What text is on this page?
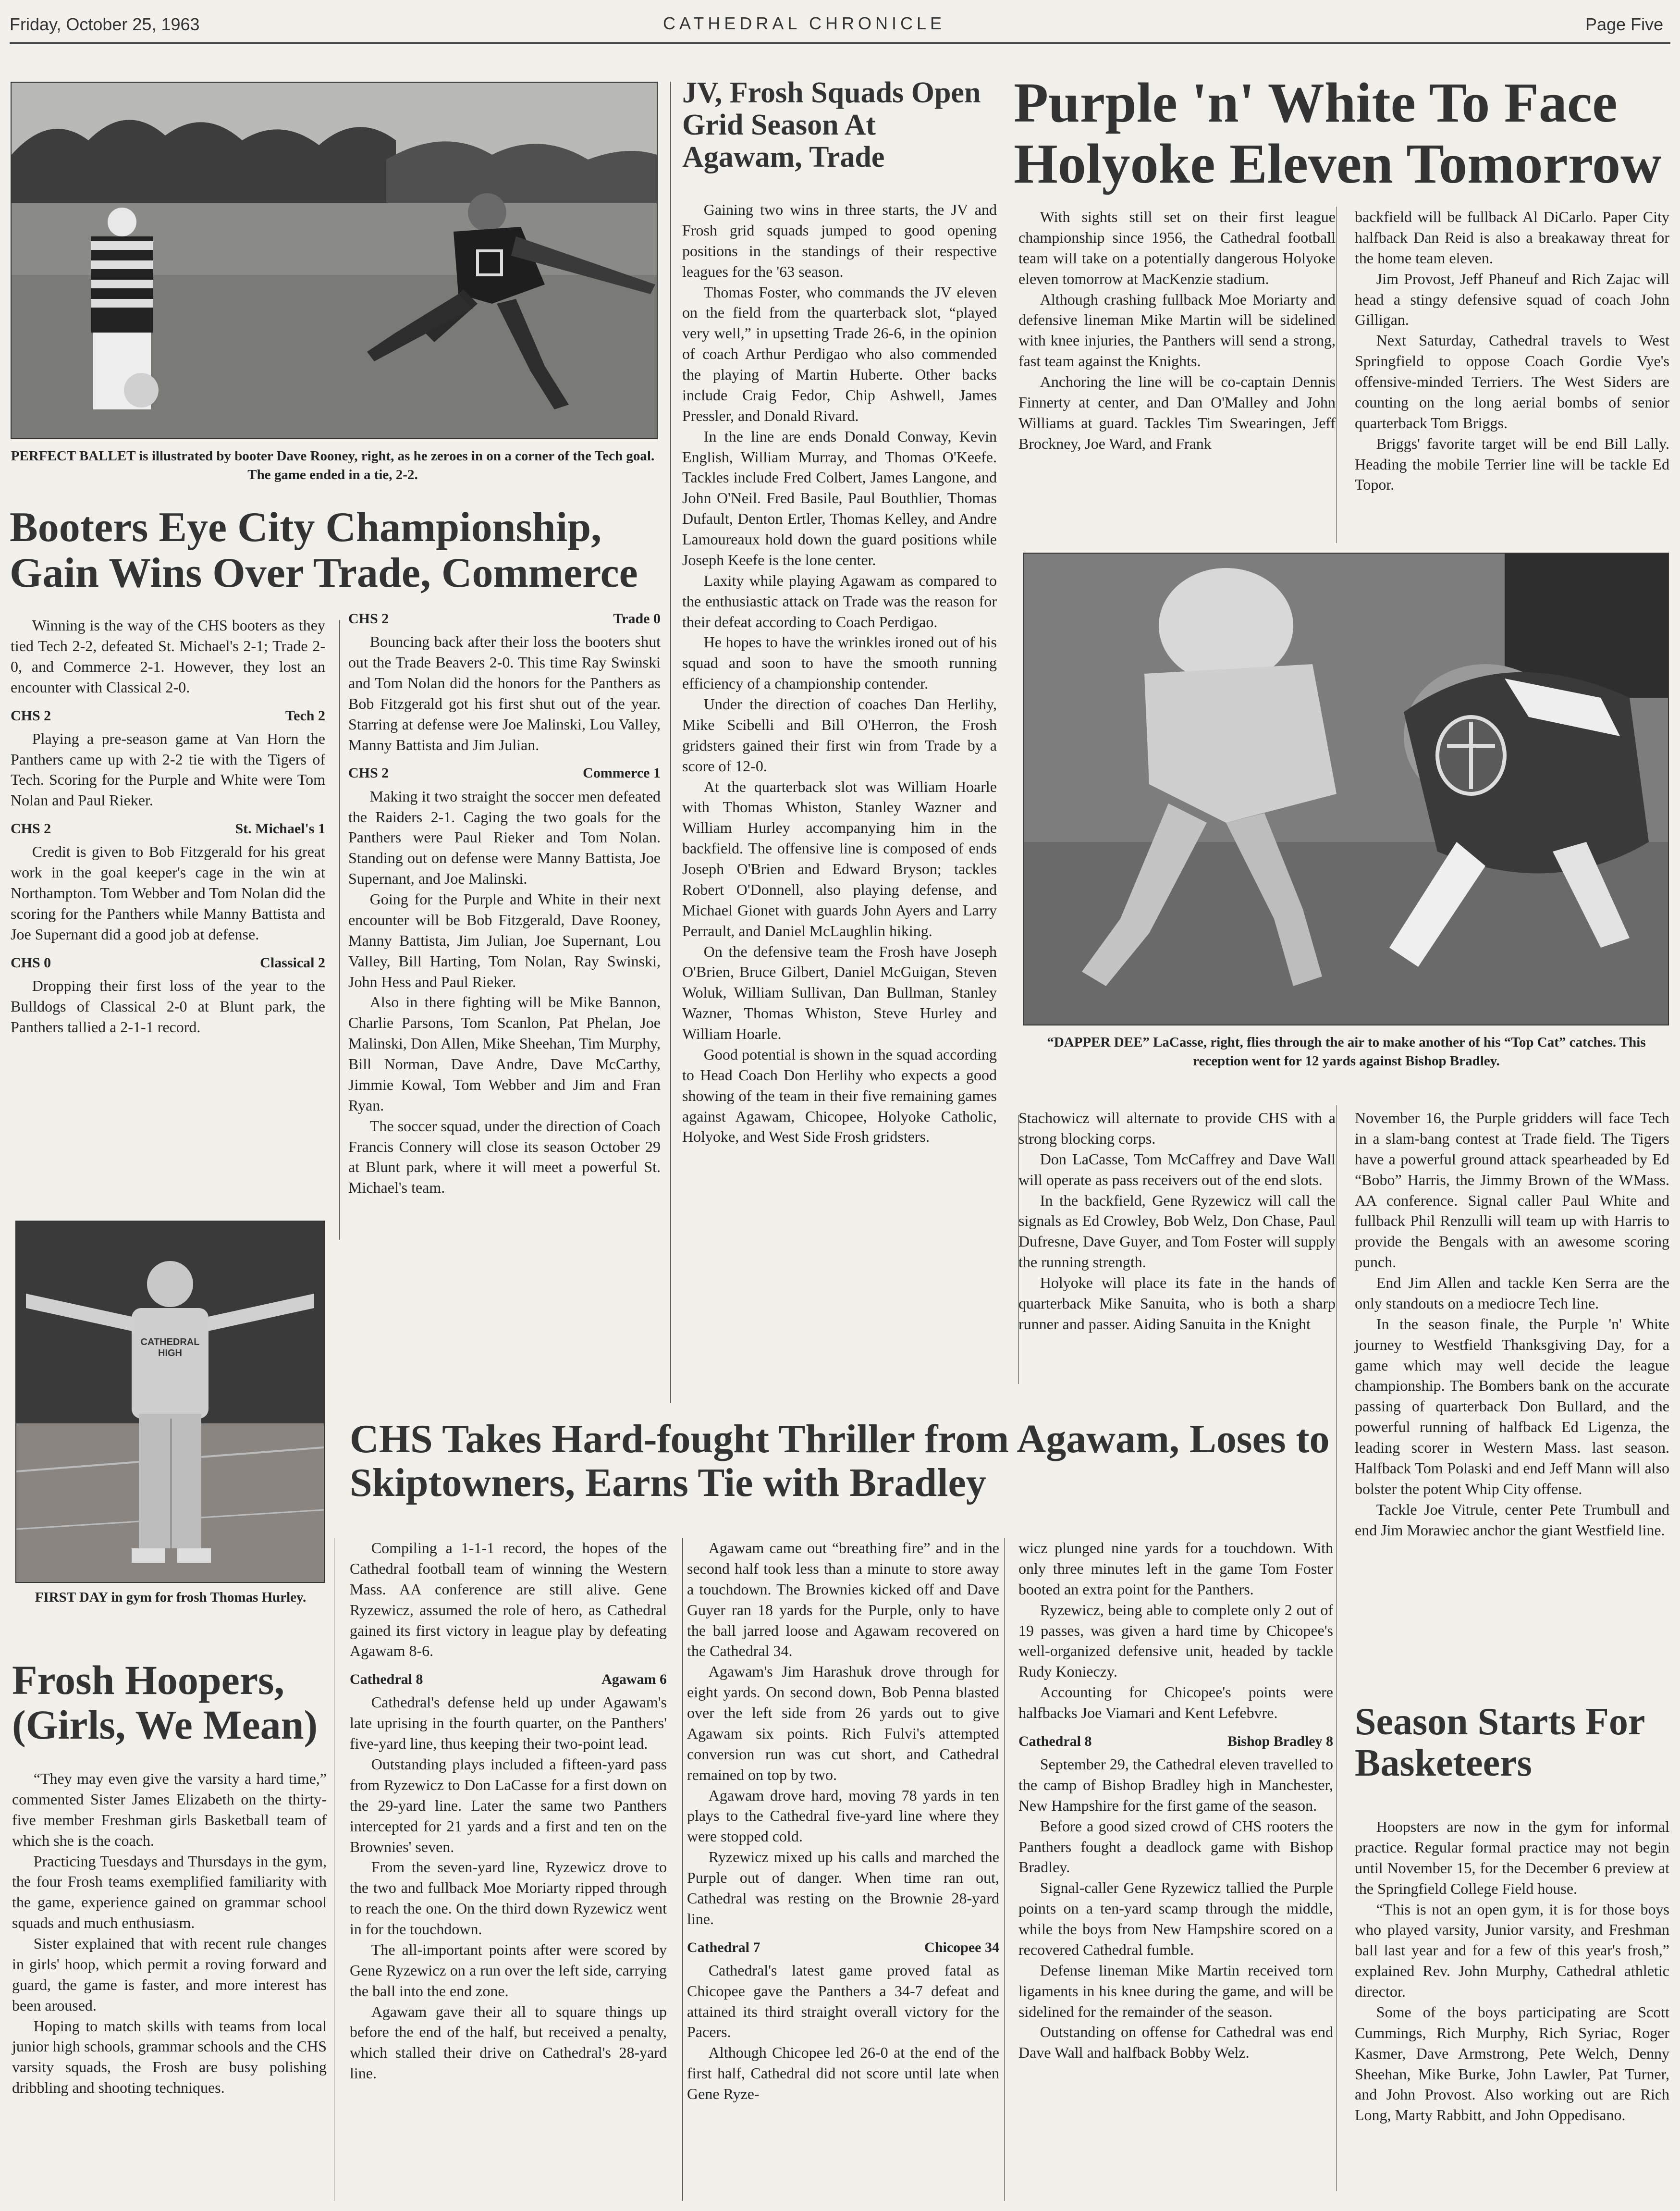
Friday, October 25, 1963	CATHEDRAL CHRONICLE	Page Five
PERFECT BALLET is illustrated by booter Dave Rooney, right, as he zeroes in on a corner of the Tech goal. The game ended in a tie, 2-2.
Booters Eye City Championship, Gain Wins Over Trade, Commerce

Winning is the way of the CHS booters as they tied Tech 2-2, defeated St. Michael's 2-1; Trade 2-0, and Commerce 2-1. However, they lost an encounter with Classical 2-0.

CHS 2	Tech 2

Playing a pre-season game at Van Horn the Panthers came up with 2-2 tie with the Tigers of Tech. Scoring for the Purple and White were Tom Nolan and Paul Rieker.

CHS 2	St. Michael's 1

Credit is given to Bob Fitzgerald for his great work in the goal keeper's cage in the win at Northampton. Tom Webber and Tom Nolan did the scoring for the Panthers while Manny Battista and Joe Supernant did a good job at defense.

CHS 0	Classical 2

Dropping their first loss of the year to the Bulldogs of Classical 2-0 at Blunt park, the Panthers tallied a 2-1-1 record.

CHS 2	Trade 0

Bouncing back after their loss the booters shut out the Trade Beavers 2-0. This time Ray Swinski and Tom Nolan did the honors for the Panthers as Bob Fitzgerald got his first shut out of the year. Starring at defense were Joe Malinski, Lou Valley, Manny Battista and Jim Julian.

CHS 2	Commerce 1

Making it two straight the soccer men defeated the Raiders 2-1. Caging the two goals for the Panthers were Paul Rieker and Tom Nolan. Standing out on defense were Manny Battista, Joe Supernant, and Joe Malinski.

Going for the Purple and White in their next encounter will be Bob Fitzgerald, Dave Rooney, Manny Battista, Jim Julian, Joe Supernant, Lou Valley, Bill Harting, Tom Nolan, Ray Swinski, John Hess and Paul Rieker.

Also in there fighting will be Mike Bannon, Charlie Parsons, Tom Scanlon, Pat Phelan, Joe Malinski, Don Allen, Mike Sheehan, Tim Murphy, Bill Norman, Dave Andre, Dave McCarthy, Jimmie Kowal, Tom Webber and Jim and Fran Ryan.

The soccer squad, under the direction of Coach Francis Connery will close its season October 29 at Blunt park, where it will meet a powerful St. Michael's team.

CATHEDRAL HIGH
FIRST DAY in gym for frosh Thomas Hurley.
Frosh Hoopers, (Girls, We Mean)

“They may even give the varsity a hard time,” commented Sister James Elizabeth on the thirty-five member Freshman girls Basketball team of which she is the coach.

Practicing Tuesdays and Thursdays in the gym, the four Frosh teams exemplified familiarity with the game, experience gained on grammar school squads and much enthusiasm.

Sister explained that with recent rule changes in girls' hoop, which permit a roving forward and guard, the game is faster, and more interest has been aroused.

Hoping to match skills with teams from local junior high schools, grammar schools and the CHS varsity squads, the Frosh are busy polishing dribbling and shooting techniques.

JV, Frosh Squads Open Grid Season At Agawam, Trade

Gaining two wins in three starts, the JV and Frosh grid squads jumped to good opening positions in the standings of their respective leagues for the '63 season.

Thomas Foster, who commands the JV eleven on the field from the quarterback slot, “played very well,” in upsetting Trade 26-6, in the opinion of coach Arthur Perdigao who also commended the playing of Martin Huberte. Other backs include Craig Fedor, Chip Ashwell, James Pressler, and Donald Rivard.

In the line are ends Donald Conway, Kevin English, William Murray, and Thomas O'Keefe. Tackles include Fred Colbert, James Langone, and John O'Neil. Fred Basile, Paul Bouthlier, Thomas Dufault, Denton Ertler, Thomas Kelley, and Andre Lamoureaux hold down the guard positions while Joseph Keefe is the lone center.

Laxity while playing Agawam as compared to the enthusiastic attack on Trade was the reason for their defeat according to Coach Perdigao.

He hopes to have the wrinkles ironed out of his squad and soon to have the smooth running efficiency of a championship contender.

Under the direction of coaches Dan Herlihy, Mike Scibelli and Bill O'Herron, the Frosh gridsters gained their first win from Trade by a score of 12-0.

At the quarterback slot was William Hoarle with Thomas Whiston, Stanley Wazner and William Hurley accompanying him in the backfield. The offensive line is composed of ends Joseph O'Brien and Edward Bryson; tackles Robert O'Donnell, also playing defense, and Michael Gionet with guards John Ayers and Larry Perrault, and Daniel McLaughlin hiking.

On the defensive team the Frosh have Joseph O'Brien, Bruce Gilbert, Daniel McGuigan, Steven Woluk, William Sullivan, Dan Bullman, Stanley Wazner, Thomas Whiston, Steve Hurley and William Hoarle.

Good potential is shown in the squad according to Head Coach Don Herlihy who expects a good showing of the team in their five remaining games against Agawam, Chicopee, Holyoke Catholic, Holyoke, and West Side Frosh gridsters.

Purple 'n' White To Face Holyoke Eleven Tomorrow

With sights still set on their first league championship since 1956, the Cathedral football team will take on a potentially dangerous Holyoke eleven tomorrow at MacKenzie stadium.

Although crashing fullback Moe Moriarty and defensive lineman Mike Martin will be sidelined with knee injuries, the Panthers will send a strong, fast team against the Knights.

Anchoring the line will be co-captain Dennis Finnerty at center, and Dan O'Malley and John Williams at guard. Tackles Tim Swearingen, Jeff Brockney, Joe Ward, and Frank

backfield will be fullback Al DiCarlo. Paper City halfback Dan Reid is also a breakaway threat for the home team eleven.

Jim Provost, Jeff Phaneuf and Rich Zajac will head a stingy defensive squad of coach John Gilligan.

Next Saturday, Cathedral travels to West Springfield to oppose Coach Gordie Vye's offensive-minded Terriers. The West Siders are counting on the long aerial bombs of senior quarterback Tom Briggs.

Briggs' favorite target will be end Bill Lally. Heading the mobile Terrier line will be tackle Ed Topor.

“DAPPER DEE” LaCasse, right, flies through the air to make another of his “Top Cat” catches. This reception went for 12 yards against Bishop Bradley.

Stachowicz will alternate to provide CHS with a strong blocking corps.

Don LaCasse, Tom McCaffrey and Dave Wall will operate as pass receivers out of the end slots.

In the backfield, Gene Ryzewicz will call the signals as Ed Crowley, Bob Welz, Don Chase, Paul Dufresne, Dave Guyer, and Tom Foster will supply the running strength.

Holyoke will place its fate in the hands of quarterback Mike Sanuita, who is both a sharp runner and passer. Aiding Sanuita in the Knight

November 16, the Purple gridders will face Tech in a slam-bang contest at Trade field. The Tigers have a powerful ground attack spearheaded by Ed “Bobo” Harris, the Jimmy Brown of the WMass. AA conference. Signal caller Paul White and fullback Phil Renzulli will team up with Harris to provide the Bengals with an awesome scoring punch.

End Jim Allen and tackle Ken Serra are the only standouts on a mediocre Tech line.

In the season finale, the Purple 'n' White journey to Westfield Thanksgiving Day, for a game which may well decide the league championship. The Bombers bank on the accurate passing of quarterback Don Bullard, and the powerful running of halfback Ed Ligenza, the leading scorer in Western Mass. last season. Halfback Tom Polaski and end Jeff Mann will also bolster the potent Whip City offense.

Tackle Joe Vitrule, center Pete Trumbull and end Jim Morawiec anchor the giant Westfield line.

CHS Takes Hard-fought Thriller from Agawam, Loses to Skiptowners, Earns Tie with Bradley

Compiling a 1-1-1 record, the hopes of the Cathedral football team of winning the Western Mass. AA conference are still alive. Gene Ryzewicz, assumed the role of hero, as Cathedral gained its first victory in league play by defeating Agawam 8-6.

Cathedral 8	Agawam 6

Cathedral's defense held up under Agawam's late uprising in the fourth quarter, on the Panthers' five-yard line, thus keeping their two-point lead.

Outstanding plays included a fifteen-yard pass from Ryzewicz to Don LaCasse for a first down on the 29-yard line. Later the same two Panthers intercepted for 21 yards and a first and ten on the Brownies' seven.

From the seven-yard line, Ryzewicz drove to the two and fullback Moe Moriarty ripped through to reach the one. On the third down Ryzewicz went in for the touchdown.

The all-important points after were scored by Gene Ryzewicz on a run over the left side, carrying the ball into the end zone.

Agawam gave their all to square things up before the end of the half, but received a penalty, which stalled their drive on Cathedral's 28-yard line.

Agawam came out “breathing fire” and in the second half took less than a minute to store away a touchdown. The Brownies kicked off and Dave Guyer ran 18 yards for the Purple, only to have the ball jarred loose and Agawam recovered on the Cathedral 34.

Agawam's Jim Harashuk drove through for eight yards. On second down, Bob Penna blasted over the left side from 26 yards out to give Agawam six points. Rich Fulvi's attempted conversion run was cut short, and Cathedral remained on top by two.

Agawam drove hard, moving 78 yards in ten plays to the Cathedral five-yard line where they were stopped cold.

Ryzewicz mixed up his calls and marched the Purple out of danger. When time ran out, Cathedral was resting on the Brownie 28-yard line.

Cathedral 7	Chicopee 34

Cathedral's latest game proved fatal as Chicopee gave the Panthers a 34-7 defeat and attained its third straight overall victory for the Pacers.

Although Chicopee led 26-0 at the end of the first half, Cathedral did not score until late when Gene Ryze-

wicz plunged nine yards for a touchdown. With only three minutes left in the game Tom Foster booted an extra point for the Panthers.

Ryzewicz, being able to complete only 2 out of 19 passes, was given a hard time by Chicopee's well-organized defensive unit, headed by tackle Rudy Konieczy.

Accounting for Chicopee's points were halfbacks Joe Viamari and Kent Lefebvre.

Cathedral 8	Bishop Bradley 8

September 29, the Cathedral eleven travelled to the camp of Bishop Bradley high in Manchester, New Hampshire for the first game of the season.

Before a good sized crowd of CHS rooters the Panthers fought a deadlock game with Bishop Bradley.

Signal-caller Gene Ryzewicz tallied the Purple points on a ten-yard scamp through the middle, while the boys from New Hampshire scored on a recovered Cathedral fumble.

Defense lineman Mike Martin received torn ligaments in his knee during the game, and will be sidelined for the remainder of the season.

Outstanding on offense for Cathedral was end Dave Wall and halfback Bobby Welz.

Season Starts For Basketeers

Hoopsters are now in the gym for informal practice. Regular formal practice may not begin until November 15, for the December 6 preview at the Springfield College Field house.

“This is not an open gym, it is for those boys who played varsity, Junior varsity, and Freshman ball last year and for a few of this year's frosh,” explained Rev. John Murphy, Cathedral athletic director.

Some of the boys participating are Scott Cummings, Rich Murphy, Rich Syriac, Roger Kasmer, Dave Armstrong, Pete Welch, Denny Sheehan, Mike Burke, John Lawler, Pat Turner, and John Provost. Also working out are Rich Long, Marty Rabbitt, and John Oppedisano.
